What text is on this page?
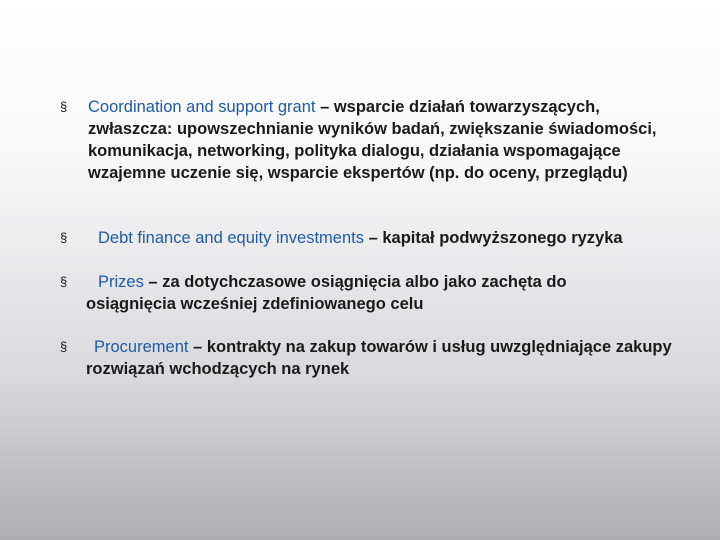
§ Coordination and support grant – wsparcie działań towarzyszących, zwłaszcza: upowszechnianie wyników badań, zwiększanie świadomości, komunikacja, networking, polityka dialogu, działania wspomagające wzajemne uczenie się, wsparcie ekspertów (np. do oceny, przeglądu)
§	Debt finance and equity investments – kapitał podwyższonego ryzyka
§	Prizes – za dotychczasowe osiągnięcia albo jako zachęta do osiągnięcia wcześniej zdefiniowanego celu
§	Procurement – kontrakty na zakup towarów i usług uwzględniające zakupy rozwiązań wchodzących na rynek
